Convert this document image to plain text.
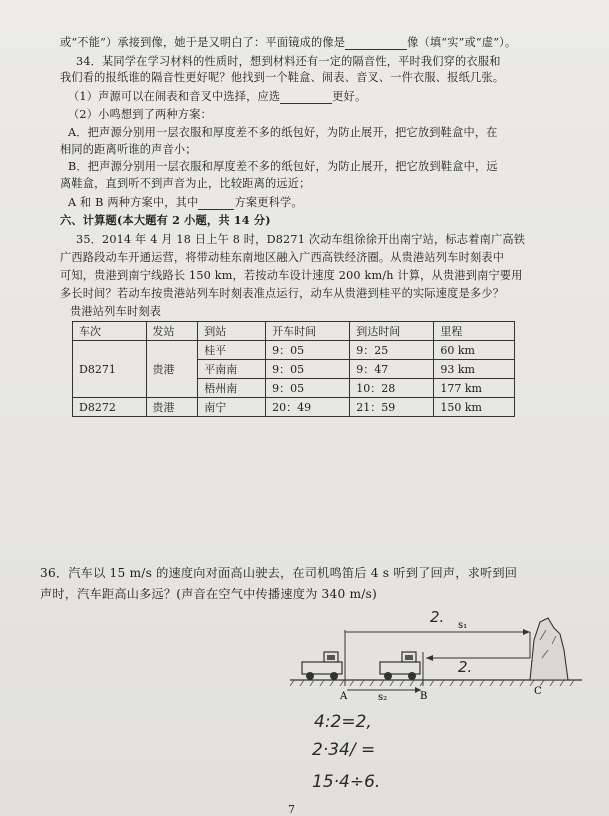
或“不能”）承接到像，她于是又明白了：平面镜成的像是	像（填“实”或“虚”）。
34．某同学在学习材料的性质时，想到材料还有一定的隔音性，平时我们穿的衣服和
我们看的报纸谁的隔音性更好呢？他找到一个鞋盒、闹表、音叉、一件衣服、报纸几张。
（1）声源可以在闹表和音叉中选择，应选	更好。
（2）小鸣想到了两种方案：
A．把声源分别用一层衣服和厚度差不多的纸包好，为防止展开，把它放到鞋盒中，在
相同的距离听谁的声音小；
B．把声源分别用一层衣服和厚度差不多的纸包好，为防止展开，把它放到鞋盒中，远
离鞋盒，直到听不到声音为止，比较距离的远近；
A 和 B 两种方案中，其中	方案更科学。
六、计算题(本大题有 2 小题，共 14 分)
35．2014 年 4 月 18 日上午 8 时，D8271 次动车组徐徐开出南宁站，标志着南广高铁
广西路段动车开通运营，将带动桂东南地区融入广西高铁经济圈。从贵港站列车时刻表中
可知，贵港到南宁线路长 150 km，若按动车设计速度 200 km/h 计算，从贵港到南宁要用
多长时间？若动车按贵港站列车时刻表准点运行，动车从贵港到桂平的实际速度是多少？
贵港站列车时刻表
车次	发站	到站	开车时间	到达时间	里程
D8271	贵港	桂平	9：05	9：25	60 km
		平南南	9：05	9：47	93 km
		梧州南	9：05	10：28	177 km
D8272	贵港	南宁	20：49	21：59	150 km
36．汽车以 15 m/s 的速度向对面高山驶去，在司机鸣笛后 4 s 听到了回声，求听到回
声时，汽车距高山多远？(声音在空气中传播速度为 340 m/s)
s₁
s₂
A	B	C
2.
2.
4:2=2,
2·34/ =
15·4÷6.
7
